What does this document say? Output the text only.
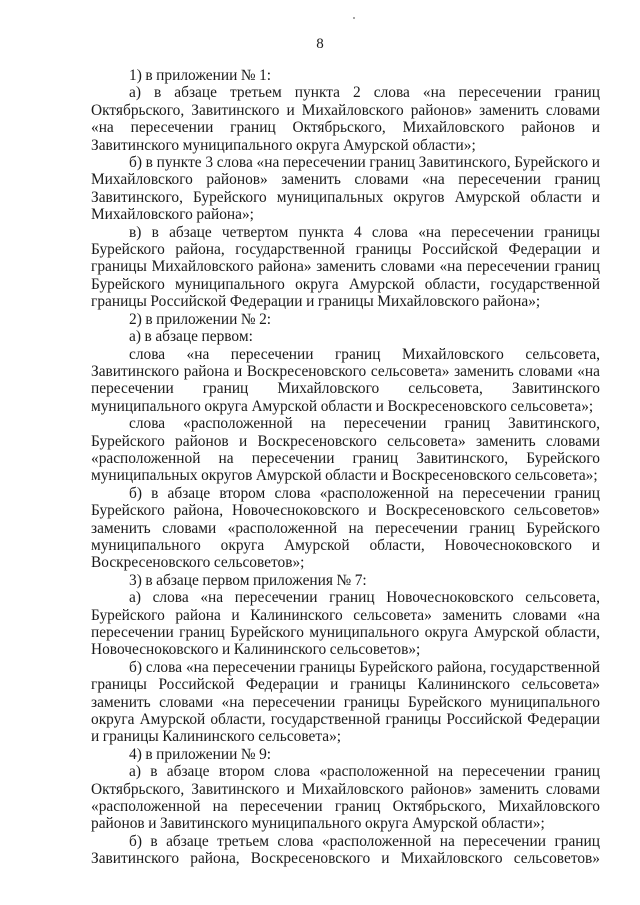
8

1) в приложении № 1:

а) в абзаце третьем пункта 2 слова «на пересечении границ Октябрьского, Завитинского и Михайловского районов» заменить словами «на пересечении границ Октябрьского, Михайловского районов и Завитинского муниципального округа Амурской области»;

б) в пункте 3 слова «на пересечении границ Завитинского, Бурейского и Михайловского районов» заменить словами «на пересечении границ Завитинского, Бурейского муниципальных округов Амурской области и Михайловского района»;

в) в абзаце четвертом пункта 4 слова «на пересечении границы Бурейского района, государственной границы Российской Федерации и границы Михайловского района» заменить словами «на пересечении границ Бурейского муниципального округа Амурской области, государственной границы Российской Федерации и границы Михайловского района»;

2) в приложении № 2:

а) в абзаце первом:

слова «на пересечении границ Михайловского сельсовета, Завитинского района и Воскресеновского сельсовета» заменить словами «на пересечении границ Михайловского сельсовета, Завитинского муниципального округа Амурской области и Воскресеновского сельсовета»;

слова «расположенной на пересечении границ Завитинского, Бурейского районов и Воскресеновского сельсовета» заменить словами «расположенной на пересечении границ Завитинского, Бурейского муниципальных округов Амурской области и Воскресеновского сельсовета»;

б) в абзаце втором слова «расположенной на пересечении границ Бурейского района, Новочесноковского и Воскресеновского сельсоветов» заменить словами «расположенной на пересечении границ Бурейского муниципального округа Амурской области, Новочесноковского и Воскресеновского сельсоветов»;

3) в абзаце первом приложения № 7:

а) слова «на пересечении границ Новочесноковского сельсовета, Бурейского района и Калининского сельсовета» заменить словами «на пересечении границ Бурейского муниципального округа Амурской области, Новочесноковского и Калининского сельсоветов»;

б) слова «на пересечении границы Бурейского района, государственной границы Российской Федерации и границы Калининского сельсовета» заменить словами «на пересечении границы Бурейского муниципального округа Амурской области, государственной границы Российской Федерации и границы Калининского сельсовета»;

4) в приложении № 9:

а) в абзаце втором слова «расположенной на пересечении границ Октябрьского, Завитинского и Михайловского районов» заменить словами «расположенной на пересечении границ Октябрьского, Михайловского районов и Завитинского муниципального округа Амурской области»;

б) в абзаце третьем слова «расположенной на пересечении границ Завитинского района, Воскресеновского и Михайловского сельсоветов»
